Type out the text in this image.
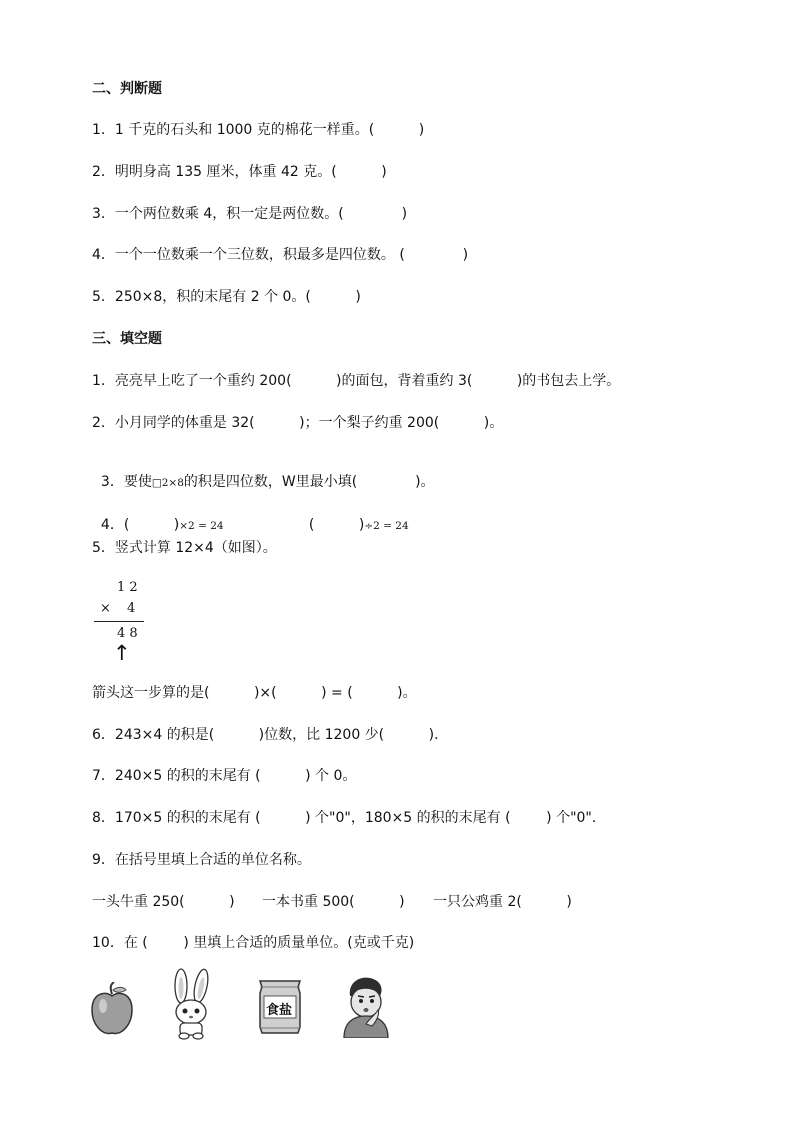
二、判断题
1．1 千克的石头和 1000 克的棉花一样重。(          )
2．明明身高 135 厘米，体重 42 克。(          )
3．一个两位数乘 4，积一定是两位数。(             )
4．一个一位数乘一个三位数，积最多是四位数。 (             )
5．250×8，积的末尾有 2 个 0。(          )
三、填空题
1．亮亮早上吃了一个重约 200(          )的面包，背着重约 3(          )的书包去上学。
2．小月同学的体重是 32(          )；一个梨子约重 200(          )。

3．要使□2×8的积是四位数，W里最小填(             )。

4．(          )×2 = 24	(          )÷2 = 24

5．竖式计算 12×4（如图）。
1 2
× 4
4 8
↑
箭头这一步算的是(          )×(          ) = (          )。
6．243×4 的积是(          )位数，比 1200 少(          )．
7．240×5 的积的末尾有 (          ) 个 0。
8．170×5 的积的末尾有 (          ) 个"0"，180×5 的积的末尾有 (        ) 个"0"．
9．在括号里填上合适的单位名称。
一头牛重 250(          ) 一本书重 500(          ) 一只公鸡重 2(          )
10．在 (        ) 里填上合适的质量单位。(克或千克)

食盐
